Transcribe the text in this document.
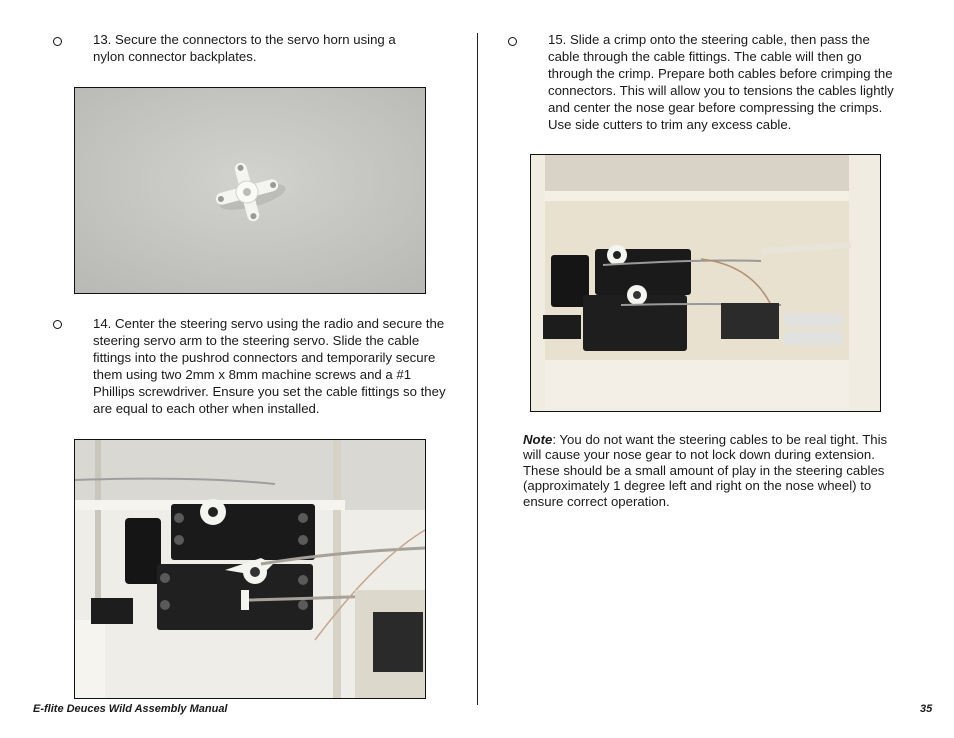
13. Secure the connectors to the servo horn using a nylon connector backplates.
14. Center the steering servo using the radio and secure the steering servo arm to the steering servo. Slide the cable fittings into the pushrod connectors and temporarily secure them using two 2mm x 8mm machine screws and a #1 Phillips screwdriver. Ensure you set the cable fittings so they are equal to each other when installed.
15. Slide a crimp onto the steering cable, then pass the cable through the cable fittings. The cable will then go through the crimp. Prepare both cables before crimping the connectors. This will allow you to tensions the cables lightly and center the nose gear before compressing the crimps. Use side cutters to trim any excess cable.
Note: You do not want the steering cables to be real tight. This will cause your nose gear to not lock down during extension. These should be a small amount of play in the steering cables (approximately 1 degree left and right on the nose wheel) to ensure correct operation.
E-flite Deuces Wild Assembly Manual	35
